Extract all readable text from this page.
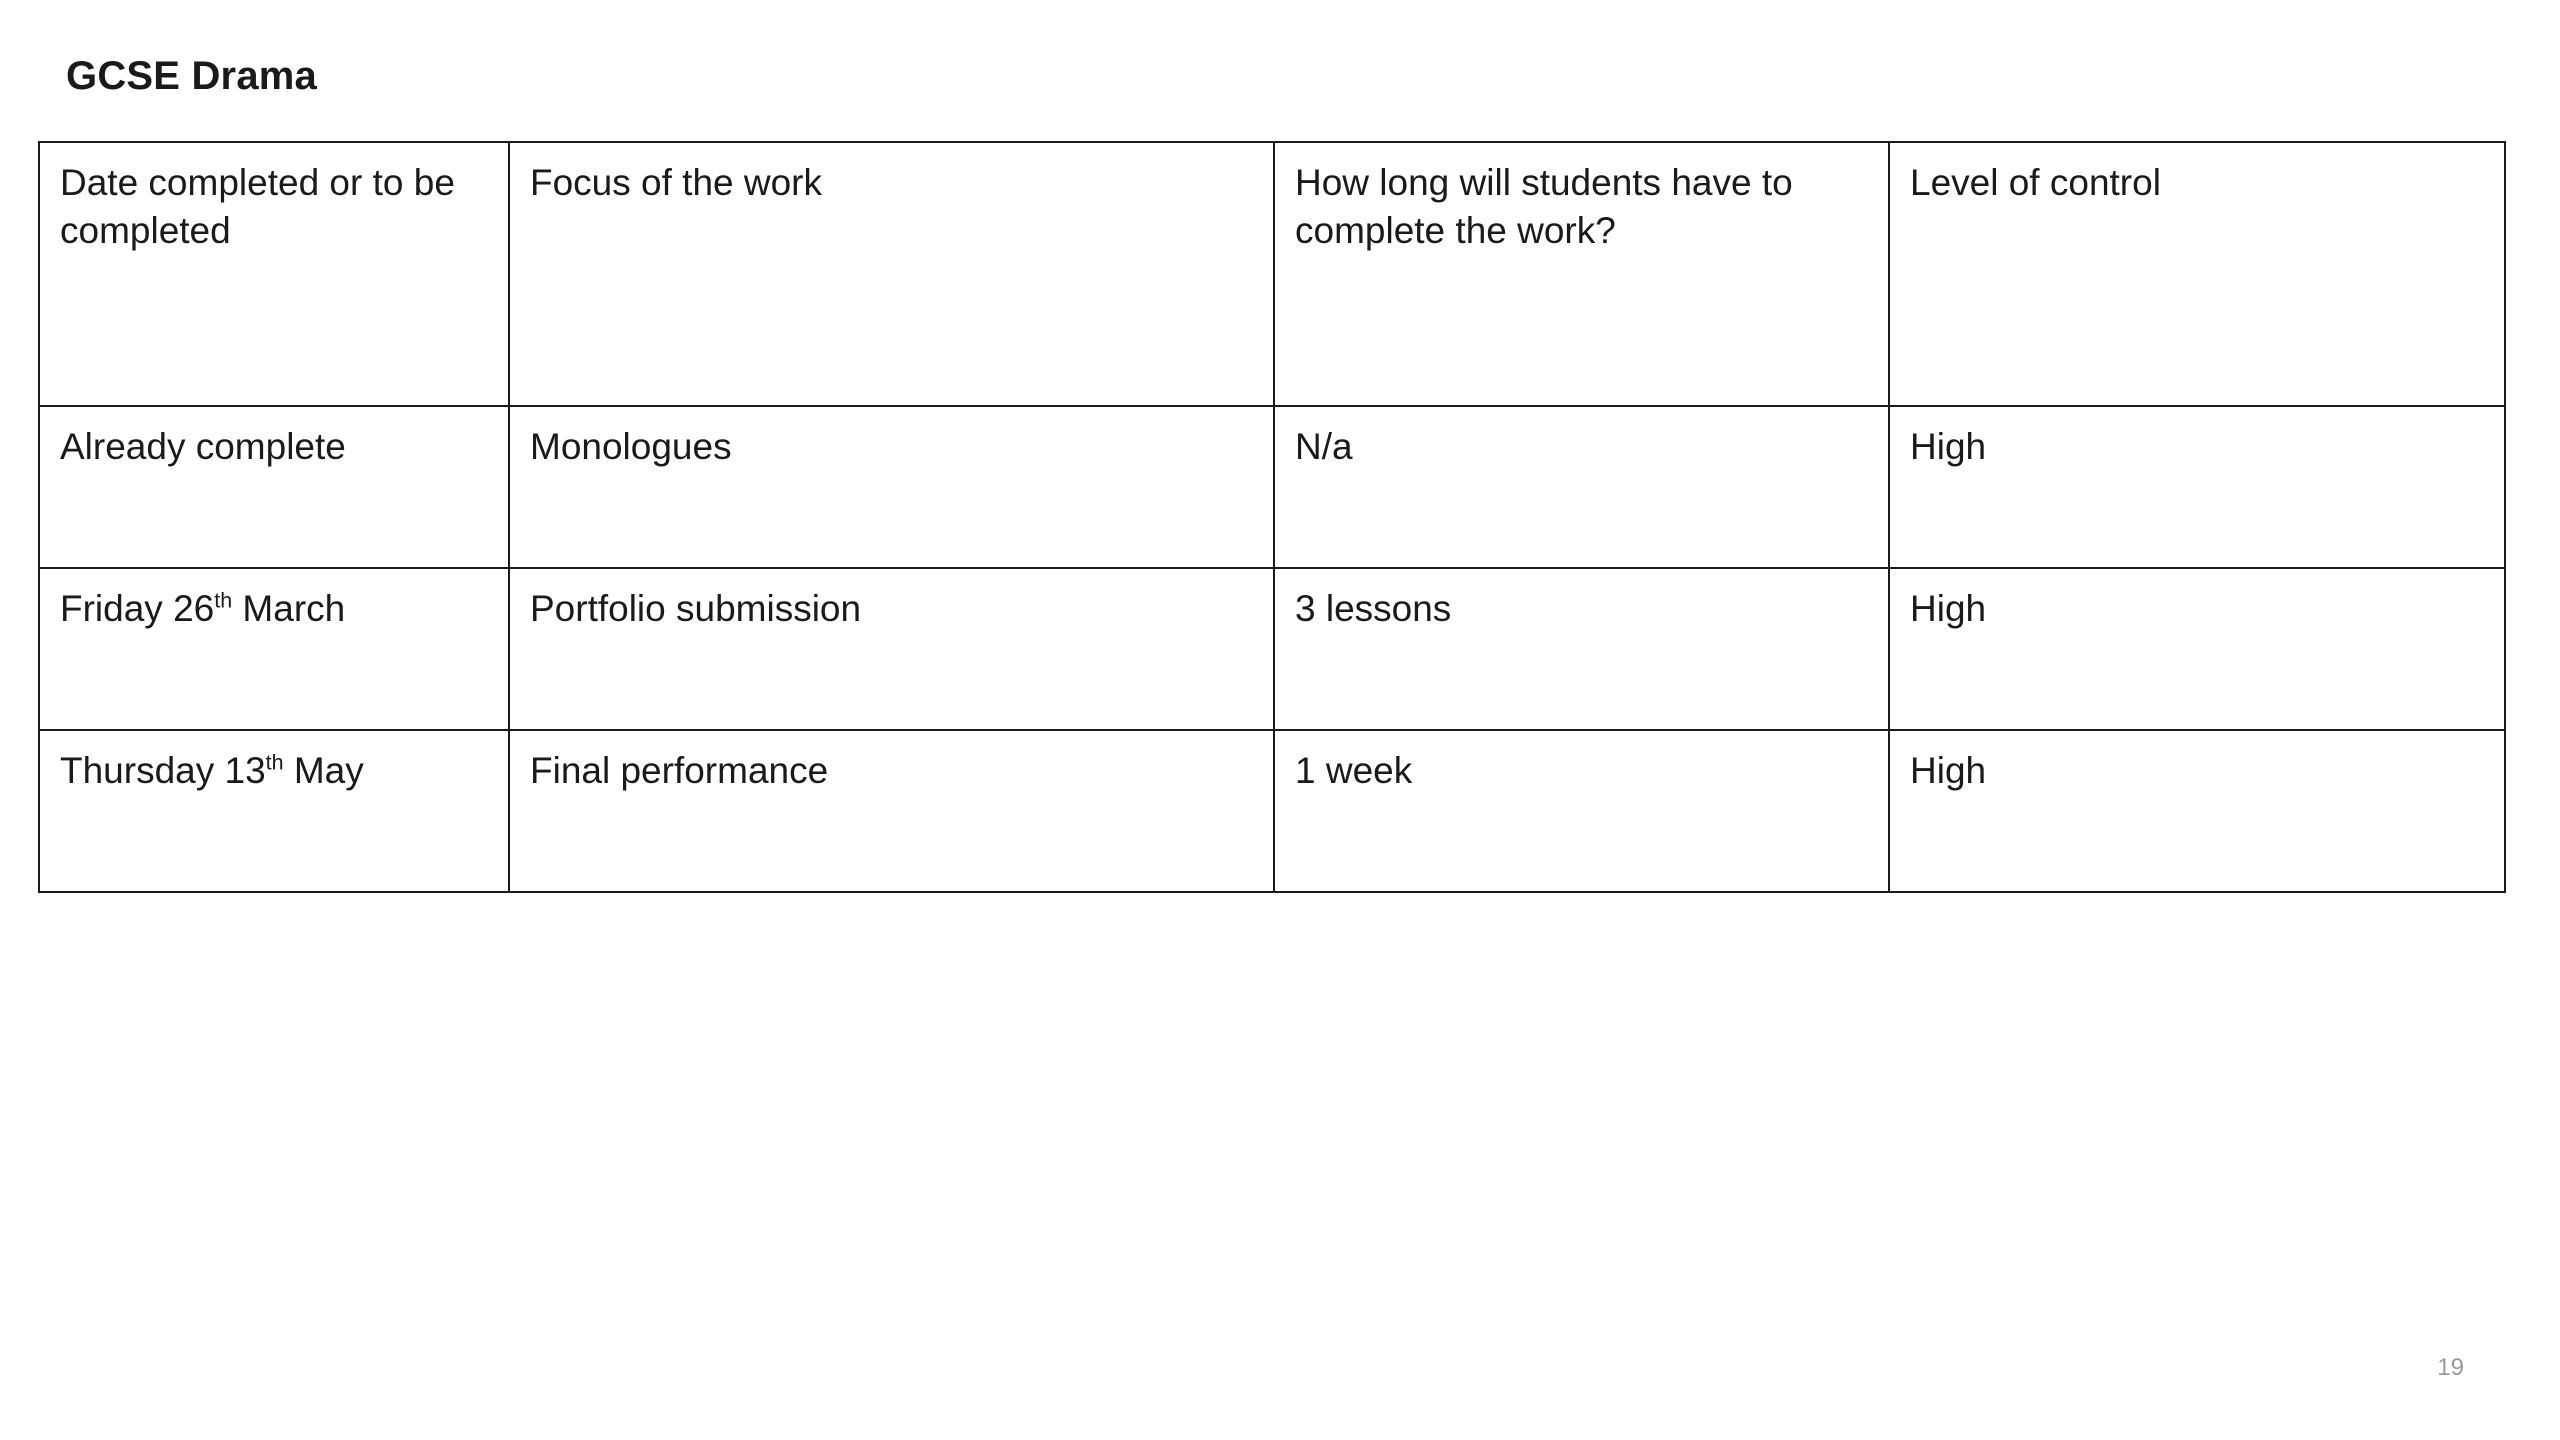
GCSE Drama
Date completed or to be completed	Focus of the work	How long will students have to complete the work?	Level of control
Already complete	Monologues	N/a	High
Friday 26th March	Portfolio submission	3 lessons	High
Thursday 13th May	Final performance	1 week	High
19
